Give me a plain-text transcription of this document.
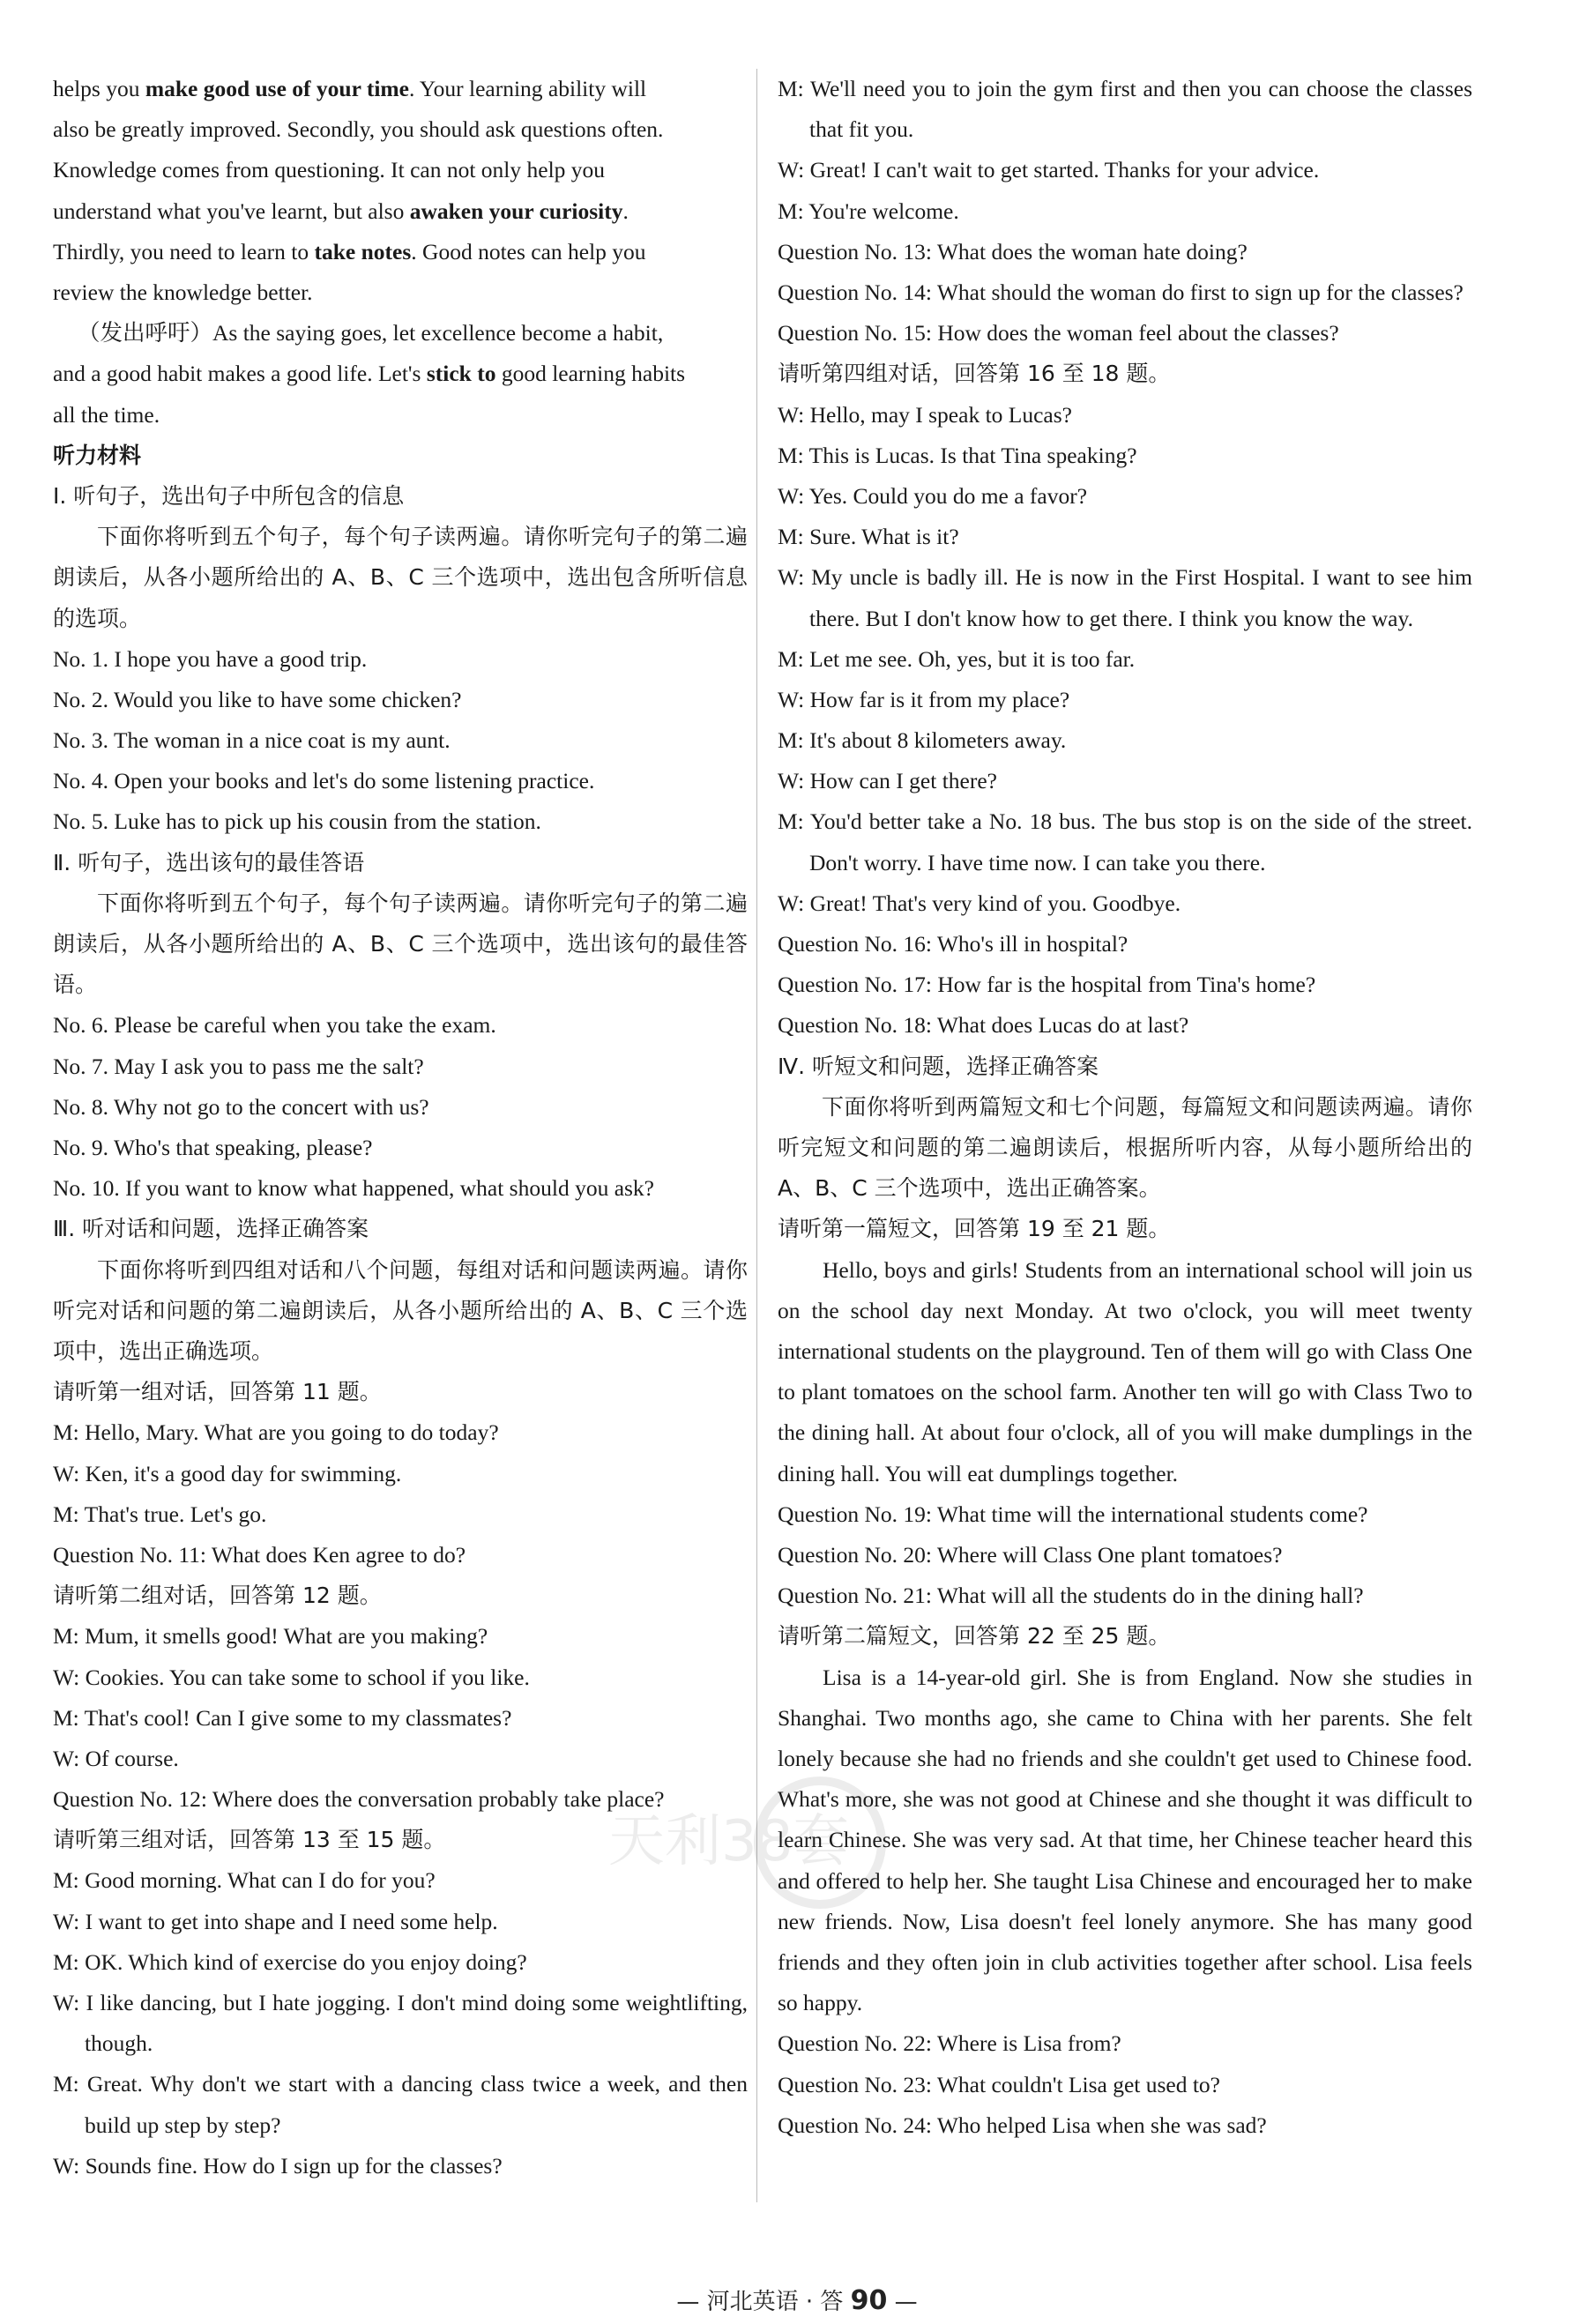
helps you make good use of your time. Your learning ability will
also be greatly improved. Secondly, you should ask questions often.
Knowledge comes from questioning. It can not only help you
understand what you've learnt, but also awaken your curiosity.
Thirdly, you need to learn to take notes. Good notes can help you
review the knowledge better.
（发出呼吁）As the saying goes, let excellence become a habit,
and a good habit makes a good life. Let's stick to good learning habits
all the time.
听力材料
Ⅰ. 听句子，选出句子中所包含的信息
下面你将听到五个句子，每个句子读两遍。请你听完句子的第二遍朗读后，从各小题所给出的 A、B、C 三个选项中，选出包含所听信息的选项。
No. 1. I hope you have a good trip.
No. 2. Would you like to have some chicken?
No. 3. The woman in a nice coat is my aunt.
No. 4. Open your books and let's do some listening practice.
No. 5. Luke has to pick up his cousin from the station.
Ⅱ. 听句子，选出该句的最佳答语
下面你将听到五个句子，每个句子读两遍。请你听完句子的第二遍朗读后，从各小题所给出的 A、B、C 三个选项中，选出该句的最佳答语。
No. 6. Please be careful when you take the exam.
No. 7. May I ask you to pass me the salt?
No. 8. Why not go to the concert with us?
No. 9. Who's that speaking, please?
No. 10. If you want to know what happened, what should you ask?
Ⅲ. 听对话和问题，选择正确答案
下面你将听到四组对话和八个问题，每组对话和问题读两遍。请你听完对话和问题的第二遍朗读后，从各小题所给出的 A、B、C 三个选项中，选出正确选项。
请听第一组对话，回答第 11 题。
M: Hello, Mary. What are you going to do today?
W: Ken, it's a good day for swimming.
M: That's true. Let's go.
Question No. 11: What does Ken agree to do?
请听第二组对话，回答第 12 题。
M: Mum, it smells good! What are you making?
W: Cookies. You can take some to school if you like.
M: That's cool! Can I give some to my classmates?
W: Of course.
Question No. 12: Where does the conversation probably take place?
请听第三组对话，回答第 13 至 15 题。
M: Good morning. What can I do for you?
W: I want to get into shape and I need some help.
M: OK. Which kind of exercise do you enjoy doing?
W: I like dancing, but I hate jogging. I don't mind doing some weightlifting, though.
M: Great. Why don't we start with a dancing class twice a week, and then build up step by step?
W: Sounds fine. How do I sign up for the classes?
M: We'll need you to join the gym first and then you can choose the classes that fit you.
W: Great! I can't wait to get started. Thanks for your advice.
M: You're welcome.
Question No. 13: What does the woman hate doing?
Question No. 14: What should the woman do first to sign up for the classes?
Question No. 15: How does the woman feel about the classes?
请听第四组对话，回答第 16 至 18 题。
W: Hello, may I speak to Lucas?
M: This is Lucas. Is that Tina speaking?
W: Yes. Could you do me a favor?
M: Sure. What is it?
W: My uncle is badly ill. He is now in the First Hospital. I want to see him there. But I don't know how to get there. I think you know the way.
M: Let me see. Oh, yes, but it is too far.
W: How far is it from my place?
M: It's about 8 kilometers away.
W: How can I get there?
M: You'd better take a No. 18 bus. The bus stop is on the side of the street. Don't worry. I have time now. I can take you there.
W: Great! That's very kind of you. Goodbye.
Question No. 16: Who's ill in hospital?
Question No. 17: How far is the hospital from Tina's home?
Question No. 18: What does Lucas do at last?
Ⅳ. 听短文和问题，选择正确答案
下面你将听到两篇短文和七个问题，每篇短文和问题读两遍。请你听完短文和问题的第二遍朗读后，根据所听内容，从每小题所给出的 A、B、C 三个选项中，选出正确答案。
请听第一篇短文，回答第 19 至 21 题。
Hello, boys and girls! Students from an international school will join us on the school day next Monday. At two o'clock, you will meet twenty international students on the playground. Ten of them will go with Class One to plant tomatoes on the school farm. Another ten will go with Class Two to the dining hall. At about four o'clock, all of you will make dumplings in the dining hall. You will eat dumplings together.
Question No. 19: What time will the international students come?
Question No. 20: Where will Class One plant tomatoes?
Question No. 21: What will all the students do in the dining hall?
请听第二篇短文，回答第 22 至 25 题。
Lisa is a 14-year-old girl. She is from England. Now she studies in Shanghai. Two months ago, she came to China with her parents. She felt lonely because she had no friends and she couldn't get used to Chinese food. What's more, she was not good at Chinese and she thought it was difficult to learn Chinese. She was very sad. At that time, her Chinese teacher heard this and offered to help her. She taught Lisa Chinese and encouraged her to make new friends. Now, Lisa doesn't feel lonely anymore. She has many good friends and they often join in club activities together after school. Lisa feels so happy.
Question No. 22: Where is Lisa from?
Question No. 23: What couldn't Lisa get used to?
Question No. 24: Who helped Lisa when she was sad?
天利38套
— 河北英语 · 答 90 —
